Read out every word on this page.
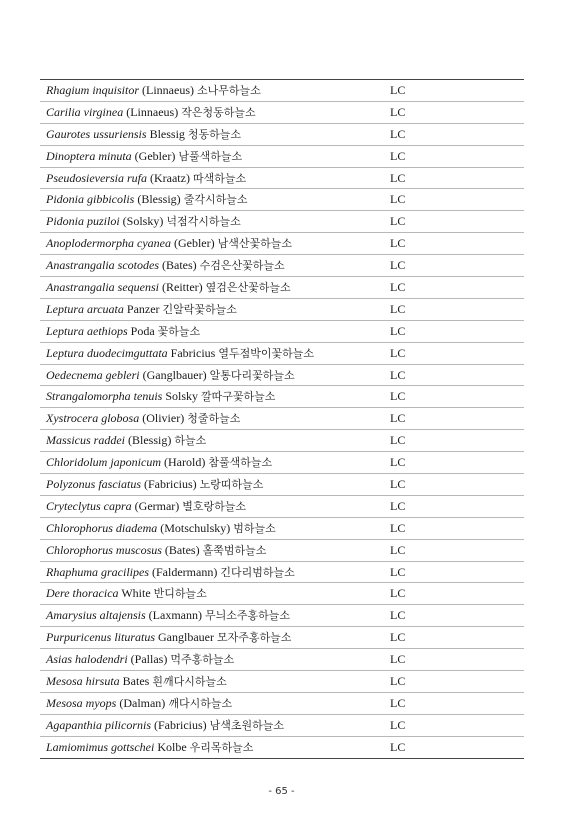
Rhagium inquisitor (Linnaeus) 소나무하늘소	LC
Carilia virginea (Linnaeus) 작은청동하늘소	LC
Gaurotes ussuriensis Blessig 청동하늘소	LC
Dinoptera minuta (Gebler) 남풀색하늘소	LC
Pseudosieversia rufa (Kraatz) 따색하늘소	LC
Pidonia gibbicolis (Blessig) 줄각시하늘소	LC
Pidonia puziloi (Solsky) 넉점각시하늘소	LC
Anoplodermorpha cyanea (Gebler) 남색산꽃하늘소	LC
Anastrangalia scotodes (Bates) 수검은산꽃하늘소	LC
Anastrangalia sequensi (Reitter) 옆검은산꽃하늘소	LC
Leptura arcuata Panzer 긴알락꽃하늘소	LC
Leptura aethiops Poda 꽃하늘소	LC
Leptura duodecimguttata Fabricius 열두점박이꽃하늘소	LC
Oedecnema gebleri (Ganglbauer) 알통다리꽃하늘소	LC
Strangalomorpha tenuis Solsky 깔따구꽃하늘소	LC
Xystrocera globosa (Olivier) 청줄하늘소	LC
Massicus raddei (Blessig) 하늘소	LC
Chloridolum japonicum (Harold) 참풀색하늘소	LC
Polyzonus fasciatus (Fabricius) 노랑띠하늘소	LC
Cryteclytus capra (Germar) 별호랑하늘소	LC
Chlorophorus diadema (Motschulsky) 범하늘소	LC
Chlorophorus muscosus (Bates) 홀쭉범하늘소	LC
Rhaphuma gracilipes (Faldermann) 긴다리범하늘소	LC
Dere thoracica White 반디하늘소	LC
Amarysius altajensis (Laxmann) 무늬소주홍하늘소	LC
Purpuricenus lituratus Ganglbauer 모자주홍하늘소	LC
Asias halodendri (Pallas) 먹주홍하늘소	LC
Mesosa hirsuta Bates 흰깨다시하늘소	LC
Mesosa myops (Dalman) 깨다시하늘소	LC
Agapanthia pilicornis (Fabricius) 남색초원하늘소	LC
Lamiomimus gottschei Kolbe 우리목하늘소	LC
- 65 -
